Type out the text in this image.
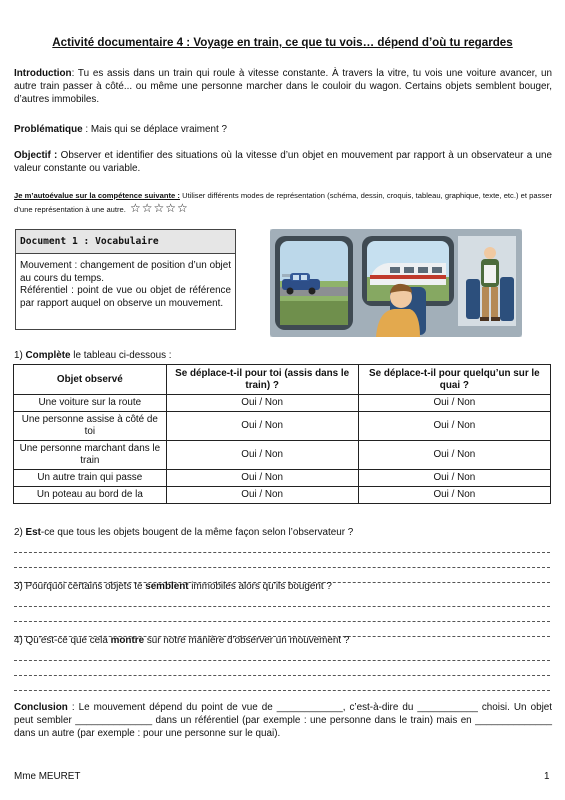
Activité documentaire 4 : Voyage en train, ce que tu vois… dépend d’où tu regardes
Introduction: Tu es assis dans un train qui roule à vitesse constante. À travers la vitre, tu vois une voiture avancer, un autre train passer à côté... ou même une personne marcher dans le couloir du wagon. Certains objets semblent bouger, d’autres immobiles.
Problématique : Mais qui se déplace vraiment ?
Objectif : Observer et identifier des situations où la vitesse d’un objet en mouvement par rapport à un observateur a une valeur constante ou variable.
Je m’autoévalue sur la compétence suivante : Utiliser différents modes de représentation (schéma, dessin, croquis, tableau, graphique, texte, etc.) et passer d’une représentation à une autre. ☆☆☆☆☆
Document 1 : Vocabulaire
Mouvement : changement de position d’un objet au cours du temps.
Référentiel : point de vue ou objet de référence par rapport auquel on observe un mouvement.
1) Complète le tableau ci-dessous :
Objet observé	Se déplace-t-il pour toi (assis dans le train) ?	Se déplace-t-il pour quelqu’un sur le quai ?
Une voiture sur la route	Oui / Non	Oui / Non
Une personne assise à côté de toi	Oui / Non	Oui / Non
Une personne marchant dans le train	Oui / Non	Oui / Non
Un autre train qui passe	Oui / Non	Oui / Non

Un poteau au bord de la	Oui / Non	Oui / Non
2) Est-ce que tous les objets bougent de la même façon selon l’observateur ?
3) Pourquoi certains objets te semblent immobiles alors qu’ils bougent ?
4) Qu’est-ce que cela montre sur notre manière d’observer un mouvement ?
Conclusion : Le mouvement dépend du point de vue de ____________, c’est-à-dire du ___________ choisi. Un objet peut sembler ______________ dans un référentiel (par exemple : une personne dans le train) mais en ______________ dans un autre (par exemple : pour une personne sur le quai).
Mme MEURET	1
